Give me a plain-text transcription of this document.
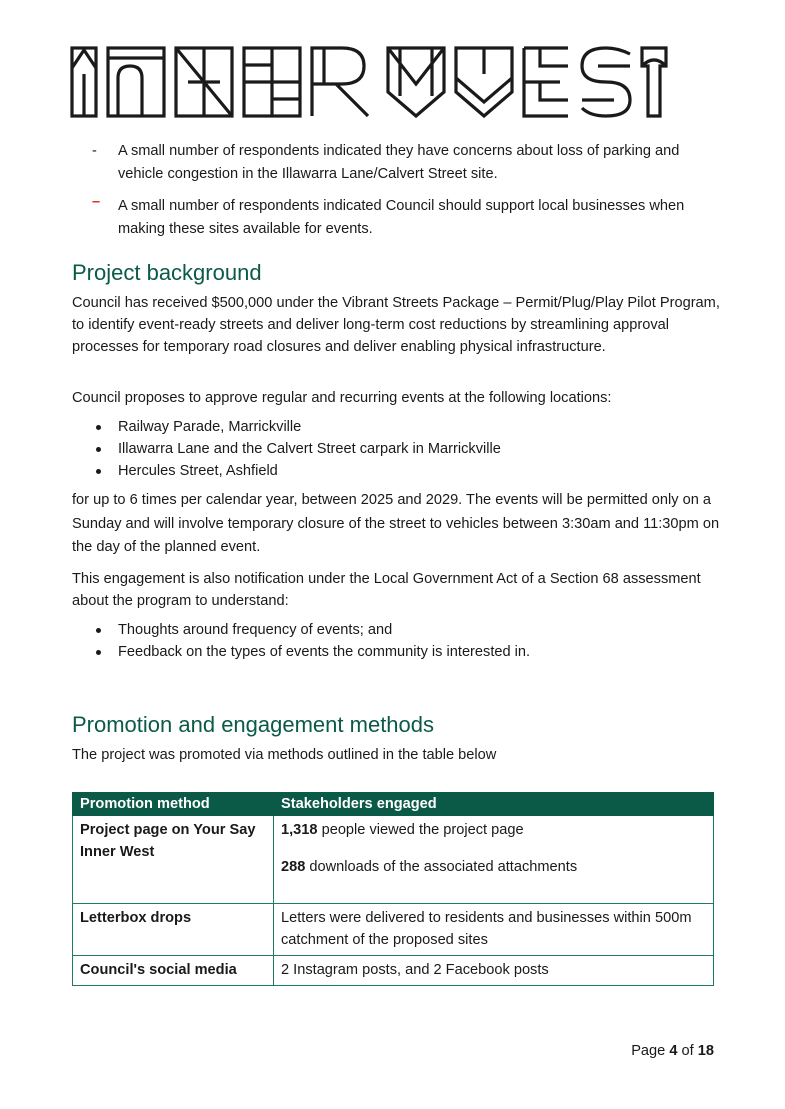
- A small number of respondents indicated they have concerns about loss of parking and vehicle congestion in the Illawarra Lane/Calvert Street site.
– A small number of respondents indicated Council should support local businesses when making these sites available for events.
Project background

Council has received $500,000 under the Vibrant Streets Package – Permit/Plug/Play Pilot Program, to identify event-ready streets and deliver long-term cost reductions by streamlining approval processes for temporary road closures and deliver enabling physical infrastructure.

Council proposes to approve regular and recurring events at the following locations:

Railway Parade, Marrickville
Illawarra Lane and the Calvert Street carpark in Marrickville
Hercules Street, Ashfield

for up to 6 times per calendar year, between 2025 and 2029. The events will be permitted only on a Sunday and will involve temporary closure of the street to vehicles between 3:30am and 11:30pm on the day of the planned event.

This engagement is also notification under the Local Government Act of a Section 68 assessment about the program to understand:

Thoughts around frequency of events; and
Feedback on the types of events the community is interested in.
Promotion and engagement methods

The project was promoted via methods outlined in the table below

Promotion method	Stakeholders engaged
Project page on Your Say Inner West	1,318 people viewed the project page
288 downloads of the associated attachments

Letterbox drops	Letters were delivered to residents and businesses within 500m catchment of the proposed sites
Council's social media	2 Instagram posts, and 2 Facebook posts
Page 4 of 18
